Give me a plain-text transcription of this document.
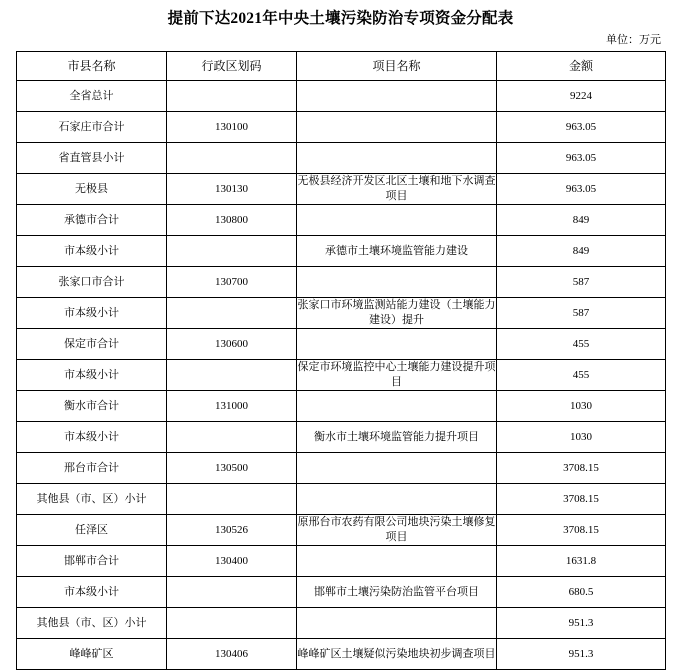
提前下达2021年中央土壤污染防治专项资金分配表
单位：万元
市县名称	行政区划码	项目名称	金额
全省总计			9224
石家庄市合计	130100		963.05
省直管县小计			963.05
无极县	130130	无极县经济开发区北区土壤和地下水调查项目	963.05
承德市合计	130800		849
市本级小计		承德市土壤环境监管能力建设	849
张家口市合计	130700		587
市本级小计		张家口市环境监测站能力建设（土壤能力建设）提升	587
保定市合计	130600		455
市本级小计		保定市环境监控中心土壤能力建设提升项目	455
衡水市合计	131000		1030
市本级小计		衡水市土壤环境监管能力提升项目	1030
邢台市合计	130500		3708.15
其他县（市、区）小计			3708.15
任泽区	130526	原邢台市农药有限公司地块污染土壤修复项目	3708.15
邯郸市合计	130400		1631.8
市本级小计		邯郸市土壤污染防治监管平台项目	680.5
其他县（市、区）小计			951.3
峰峰矿区	130406	峰峰矿区土壤疑似污染地块初步调查项目	951.3
